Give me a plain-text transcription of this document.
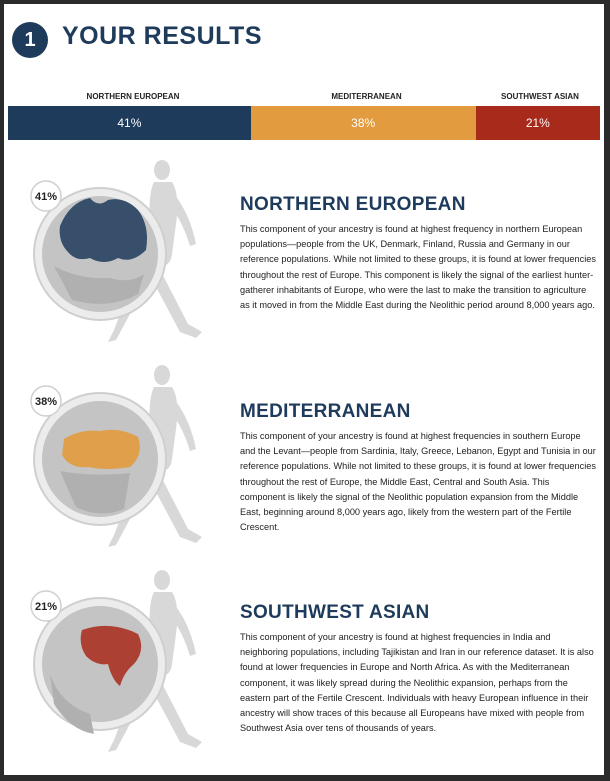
1	YOUR RESULTS
NORTHERN EUROPEAN	MEDITERRANEAN	SOUTHWEST ASIAN
41%	38%	21%
41%	NORTHERN EUROPEAN
This component of your ancestry is found at highest frequency in northern European populations—people from the UK, Denmark, Finland, Russia and Germany in our reference populations. While not limited to these groups, it is found at lower frequencies throughout the rest of Europe. This component is likely the signal of the earliest hunter-gatherer inhabitants of Europe, who were the last to make the transition to agriculture as it moved in from the Middle East during the Neolithic period around 8,000 years ago.
38%	MEDITERRANEAN
This component of your ancestry is found at highest frequencies in southern Europe and the Levant—people from Sardinia, Italy, Greece, Lebanon, Egypt and Tunisia in our reference populations. While not limited to these groups, it is found at lower frequencies throughout the rest of Europe, the Middle East, Central and South Asia. This component is likely the signal of the Neolithic population expansion from the Middle East, beginning around 8,000 years ago, likely from the western part of the Fertile Crescent.
21%	SOUTHWEST ASIAN
This component of your ancestry is found at highest frequencies in India and neighboring populations, including Tajikistan and Iran in our reference dataset. It is also found at lower frequencies in Europe and North Africa. As with the Mediterranean component, it was likely spread during the Neolithic expansion, perhaps from the eastern part of the Fertile Crescent. Individuals with heavy European influence in their ancestry will show traces of this because all Europeans have mixed with people from Southwest Asia over tens of thousands of years.
